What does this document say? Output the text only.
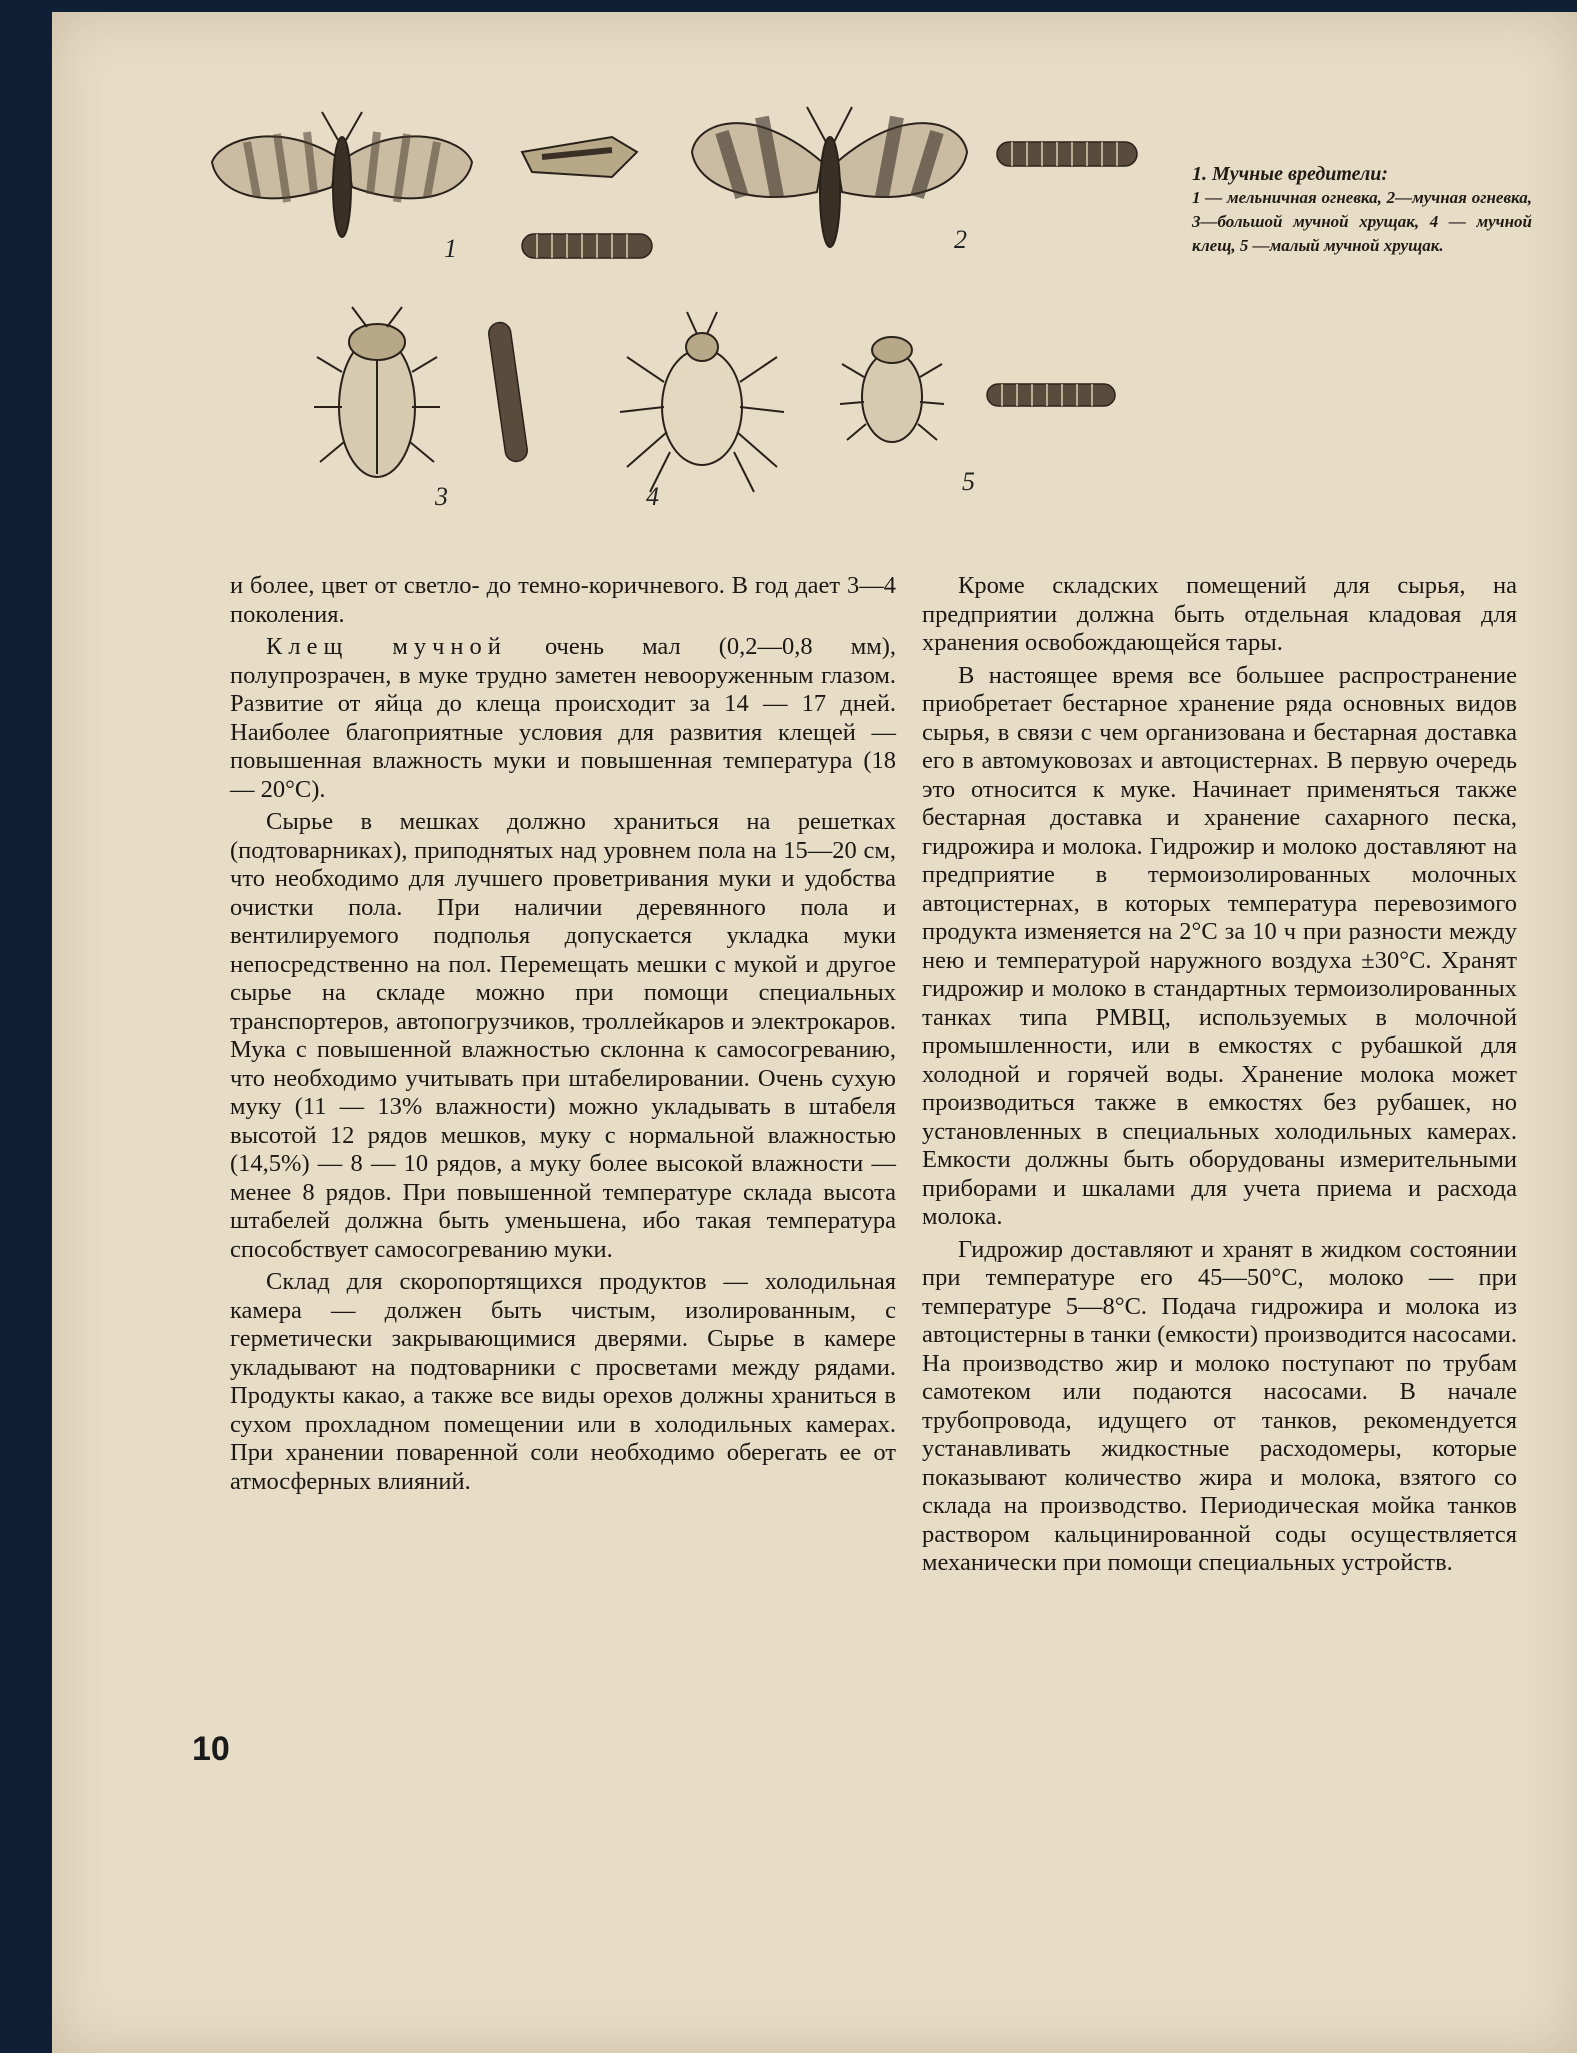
1	2
3	4
5
1. Мучные вредители:
1 — мельничная огневка, 2—мучная огневка, 3—большой мучной хрущак, 4 — мучной клещ, 5 —малый мучной хрущак.

и более, цвет от светло- до темно-коричневого. В год дает 3—4 поколения.

Клещ мучной очень мал (0,2—0,8 мм), полупрозрачен, в муке трудно заметен невооруженным глазом. Развитие от яйца до клеща происходит за 14 — 17 дней. Наиболее благоприятные условия для развития клещей — повышенная влажность муки и повышенная температура (18 — 20°С).

Сырье в мешках должно храниться на решетках (подтоварниках), приподнятых над уровнем пола на 15—20 см, что необходимо для лучшего проветривания муки и удобства очистки пола. При наличии деревянного пола и вентилируемого подполья допускается укладка муки непосредственно на пол. Перемещать мешки с мукой и другое сырье на складе можно при помощи специальных транспортеров, автопогрузчиков, троллейкаров и электрокаров. Мука с повышенной влажностью склонна к самосогреванию, что необходимо учитывать при штабелировании. Очень сухую муку (11 — 13% влажности) можно укладывать в штабеля высотой 12 рядов мешков, муку с нормальной влажностью (14,5%) — 8 — 10 рядов, а муку более высокой влажности — менее 8 рядов. При повышенной температуре склада высота штабелей должна быть уменьшена, ибо такая температура способствует самосогреванию муки.

Склад для скоропортящихся продуктов — холодильная камера — должен быть чистым, изолированным, с герметически закрывающимися дверями. Сырье в камере укладывают на подтоварники с просветами между рядами. Продукты какао, а также все виды орехов должны храниться в сухом прохладном помещении или в холодильных камерах. При хранении поваренной соли необходимо оберегать ее от атмосферных влияний.

Кроме складских помещений для сырья, на предприятии должна быть отдельная кладовая для хранения освобождающейся тары.

В настоящее время все большее распространение приобретает бестарное хранение ряда основных видов сырья, в связи с чем организована и бестарная доставка его в автомуковозах и автоцистернах. В первую очередь это относится к муке. Начинает применяться также бестарная доставка и хранение сахарного песка, гидрожира и молока. Гидрожир и молоко доставляют на предприятие в термоизолированных молочных автоцистернах, в которых температура перевозимого продукта изменяется на 2°С за 10 ч при разности между нею и температурой наружного воздуха ±30°С. Хранят гидрожир и молоко в стандартных термоизолированных танках типа РМВЦ, используемых в молочной промышленности, или в емкостях с рубашкой для холодной и горячей воды. Хранение молока может производиться также в емкостях без рубашек, но установленных в специальных холодильных камерах. Емкости должны быть оборудованы измерительными приборами и шкалами для учета приема и расхода молока.

Гидрожир доставляют и хранят в жидком состоянии при температуре его 45—50°С, молоко — при температуре 5—8°С. Подача гидрожира и молока из автоцистерны в танки (емкости) производится насосами. На производство жир и молоко поступают по трубам самотеком или подаются насосами. В начале трубопровода, идущего от танков, рекомендуется устанавливать жидкостные расходомеры, которые показывают количество жира и молока, взятого со склада на производство. Периодическая мойка танков раствором кальцинированной соды осуществляется механически при помощи специальных устройств.

10
